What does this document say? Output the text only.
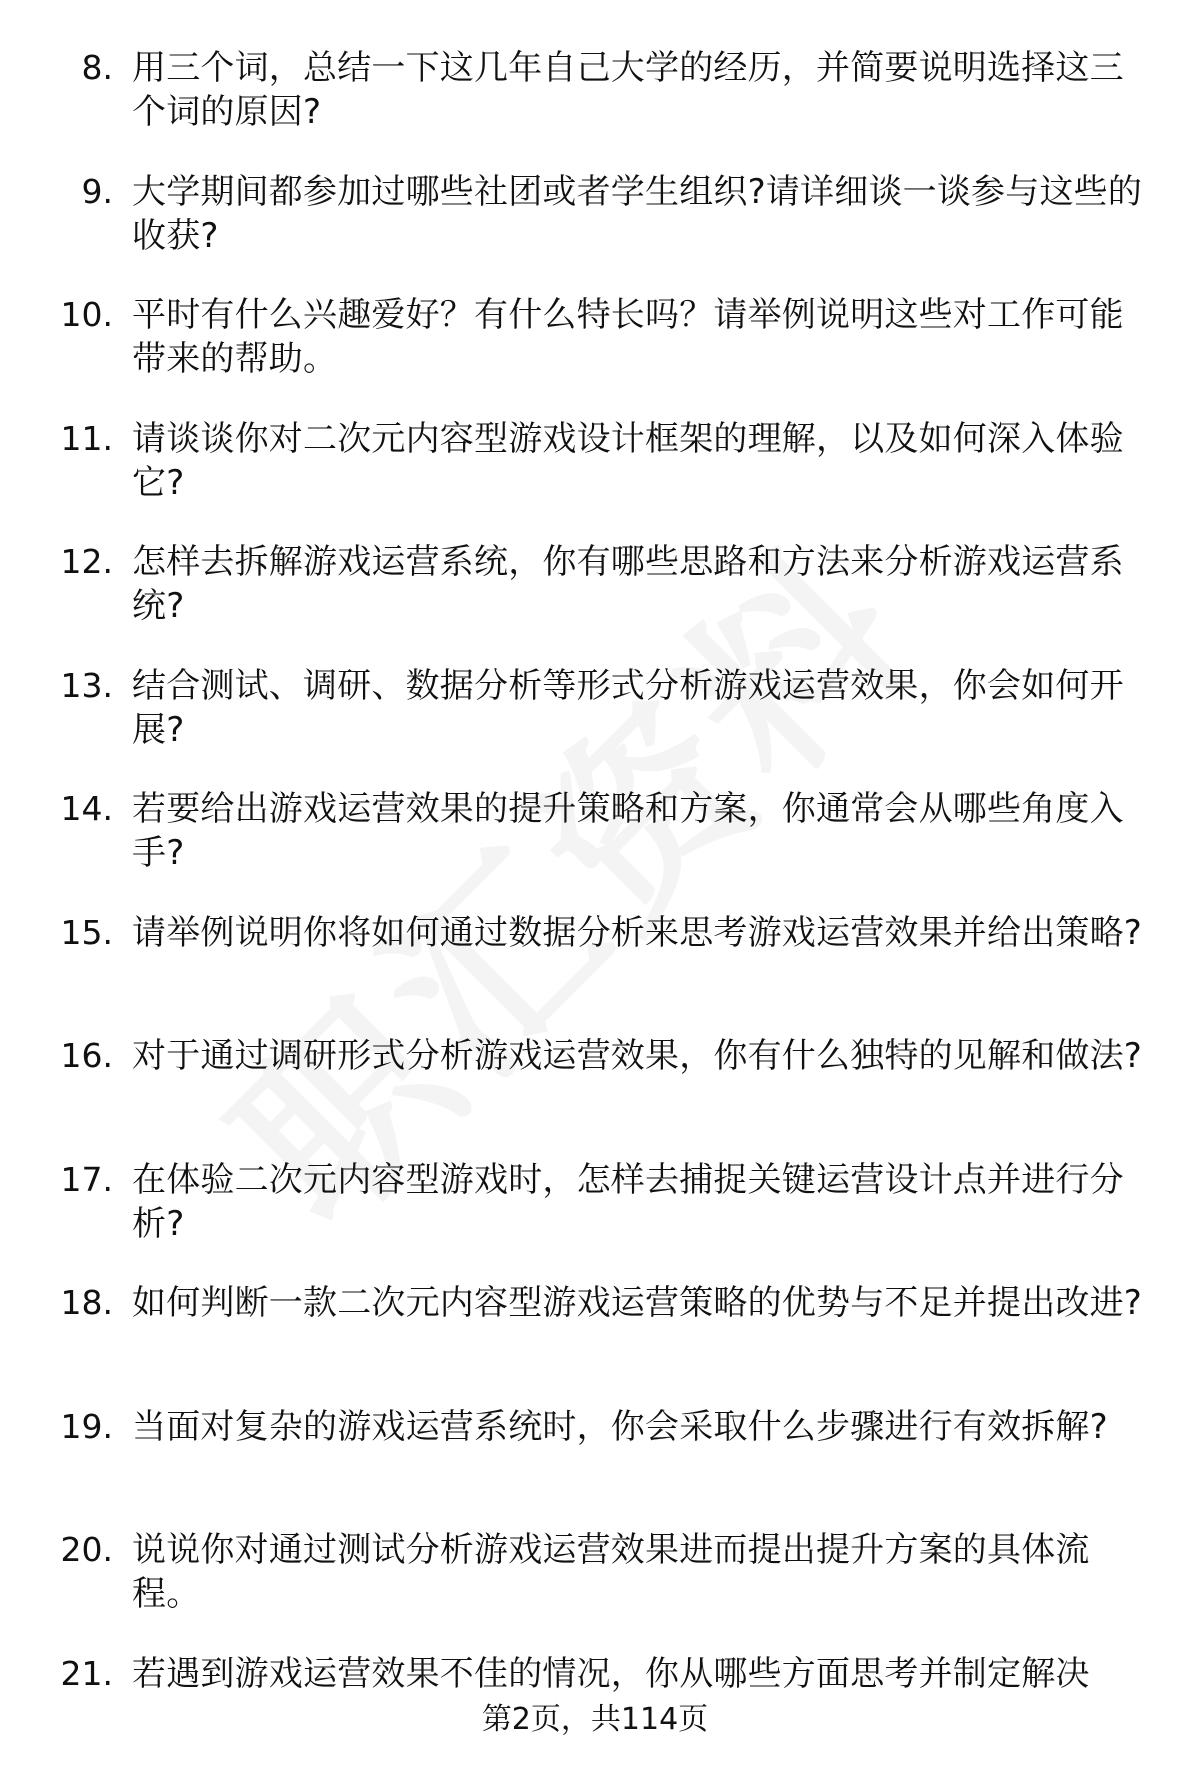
8. 用三个词，总结一下这几年自己大学的经历，并简要说明选择这三个词的原因?
9. 大学期间都参加过哪些社团或者学生组织?请详细谈一谈参与这些的收获?
10. 平时有什么兴趣爱好？有什么特长吗？请举例说明这些对工作可能带来的帮助。
11. 请谈谈你对二次元内容型游戏设计框架的理解，以及如何深入体验它?
12. 怎样去拆解游戏运营系统，你有哪些思路和方法来分析游戏运营系统?
13. 结合测试、调研、数据分析等形式分析游戏运营效果，你会如何开展?
14. 若要给出游戏运营效果的提升策略和方案，你通常会从哪些角度入手?
15. 请举例说明你将如何通过数据分析来思考游戏运营效果并给出策略?
16. 对于通过调研形式分析游戏运营效果，你有什么独特的见解和做法?
17. 在体验二次元内容型游戏时，怎样去捕捉关键运营设计点并进行分析?
18. 如何判断一款二次元内容型游戏运营策略的优势与不足并提出改进?
19. 当面对复杂的游戏运营系统时，你会采取什么步骤进行有效拆解?
20. 说说你对通过测试分析游戏运营效果进而提出提升方案的具体流程。
21. 若遇到游戏运营效果不佳的情况，你从哪些方面思考并制定解决
第2页，共114页
